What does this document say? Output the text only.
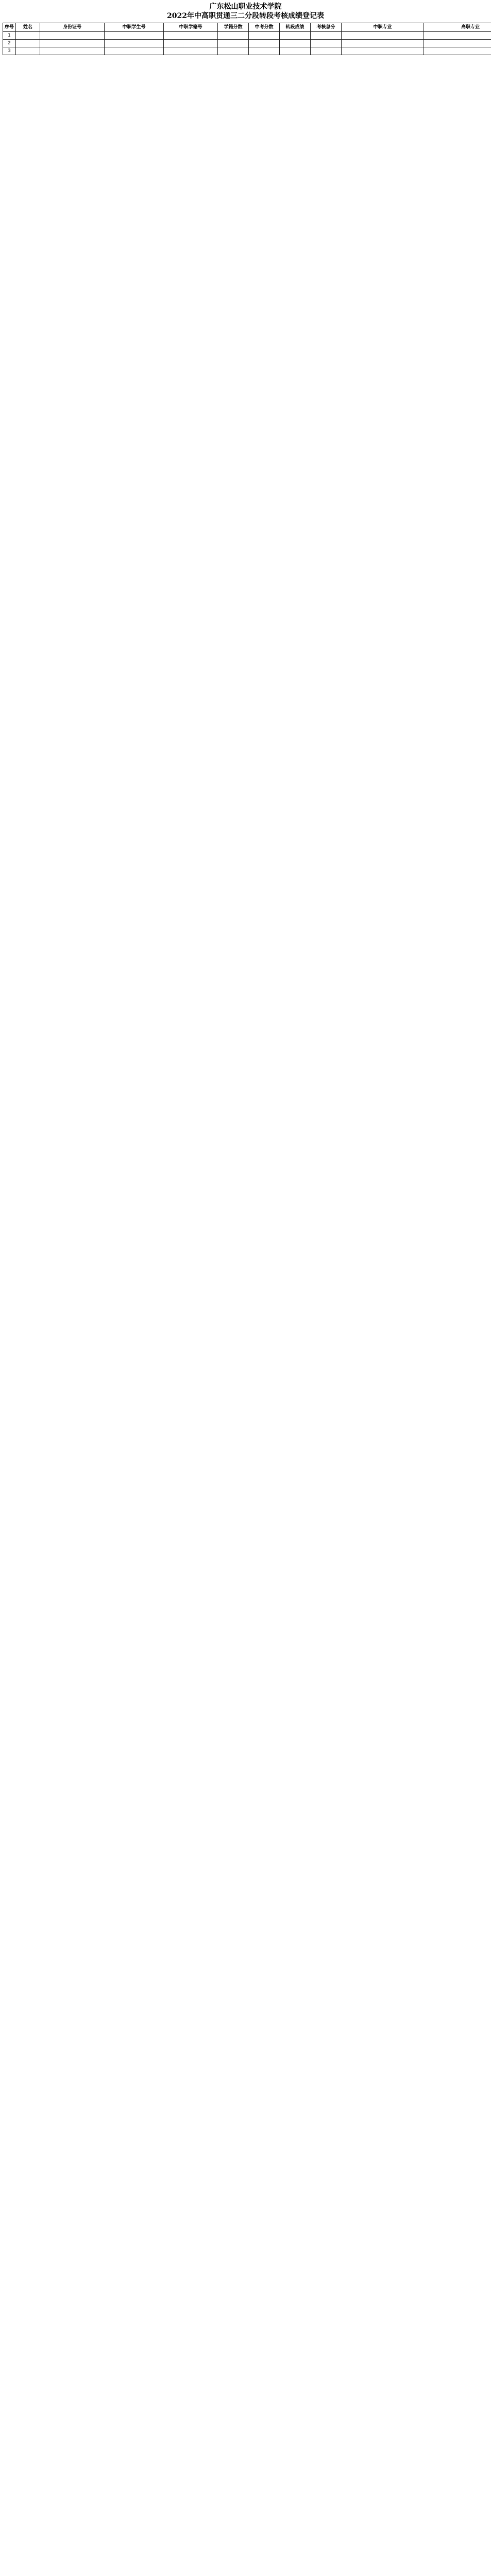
广东松山职业技术学院
2022年中高职贯通三二分段转段考核成绩登记表
序号	姓名	身份证号	中职学生号	中职学籍号	学籍分数	中考分数	转段成绩	考核总分	中职专业	高职专业
1										
2										
3										
